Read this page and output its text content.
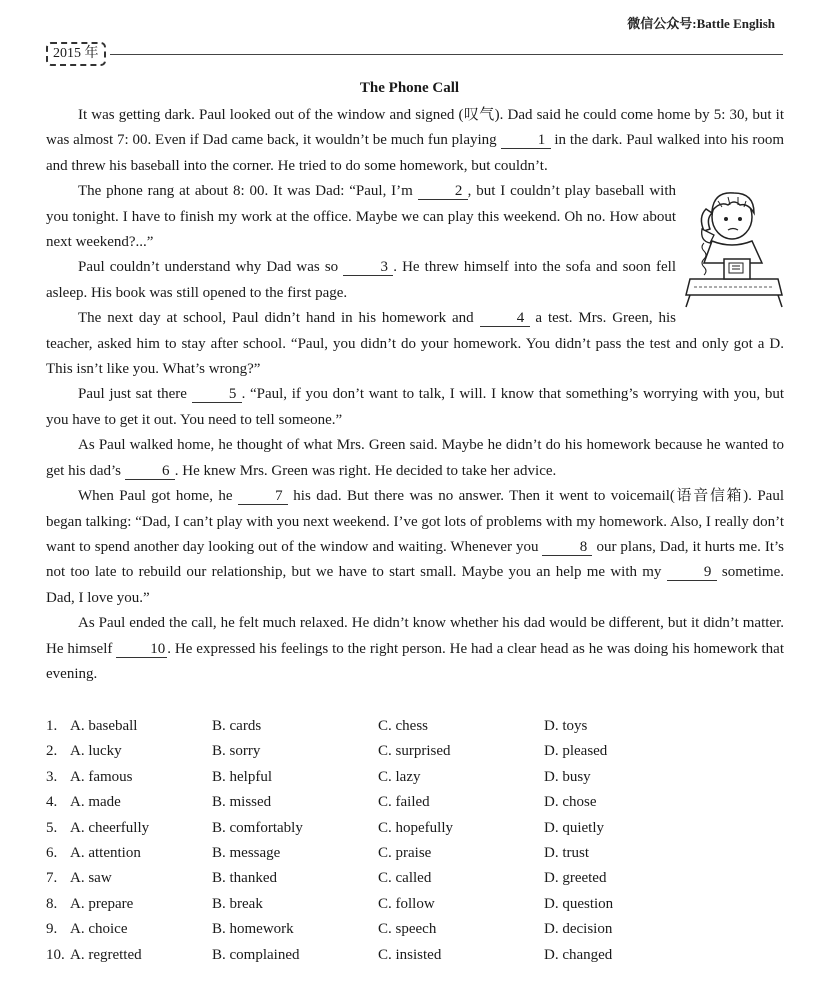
微信公众号:Battle English
2015 年
The Phone Call

It was getting dark. Paul looked out of the window and signed (叹气). Dad said he could come home by 5: 30, but it was almost 7: 00. Even if Dad came back, it wouldn’t be much fun playing 1 in the dark. Paul walked into his room and threw his baseball into the corner. He tried to do some homework, but couldn’t.

The phone rang at about 8: 00. It was Dad: “Paul, I’m 2 , but I couldn’t play baseball with you tonight. I have to finish my work at the office. Maybe we can play this weekend. Oh no. How about next weekend?...”

Paul couldn’t understand why Dad was so 3 . He threw himself into the sofa and soon fell asleep. His book was still opened to the first page.

The next day at school, Paul didn’t hand in his homework and 4 a test. Mrs. Green, his teacher, asked him to stay after school. “Paul, you didn’t do your homework. You didn’t pass the test and only got a D. This isn’t like you. What’s wrong?”

Paul just sat there 5 . “Paul, if you don’t want to talk, I will. I know that something’s worrying with you, but you have to get it out. You need to tell someone.”

As Paul walked home, he thought of what Mrs. Green said. Maybe he didn’t do his homework because he wanted to get his dad’s 6 . He knew Mrs. Green was right. He decided to take her advice.

When Paul got home, he 7 his dad. But there was no answer. Then it went to voicemail(语音信箱). Paul began talking: “Dad, I can’t play with you next weekend. I’ve got lots of problems with my homework. Also, I really don’t want to spend another day looking out of the window and waiting. Whenever you 8 our plans, Dad, it hurts me. It’s not too late to rebuild our relationship, but we have to start small. Maybe you an help me with my 9 sometime. Dad, I love you.”

As Paul ended the call, he felt much relaxed. He didn’t know whether his dad would be different, but it didn’t matter. He himself 10 . He expressed his feelings to the right person. He had a clear head as he was doing his homework that evening.

1. A. baseball	B. cards	C. chess	D. toys
2. A. lucky	B. sorry	C. surprised	D. pleased
3. A. famous	B. helpful	C. lazy	D. busy
4. A. made	B. missed	C. failed	D. chose
5. A. cheerfully	B. comfortably	C. hopefully	D. quietly
6. A. attention	B. message	C. praise	D. trust
7. A. saw	B. thanked	C. called	D. greeted
8. A. prepare	B. break	C. follow	D. question
9. A. choice	B. homework	C. speech	D. decision
10. A. regretted	B. complained	C. insisted	D. changed
